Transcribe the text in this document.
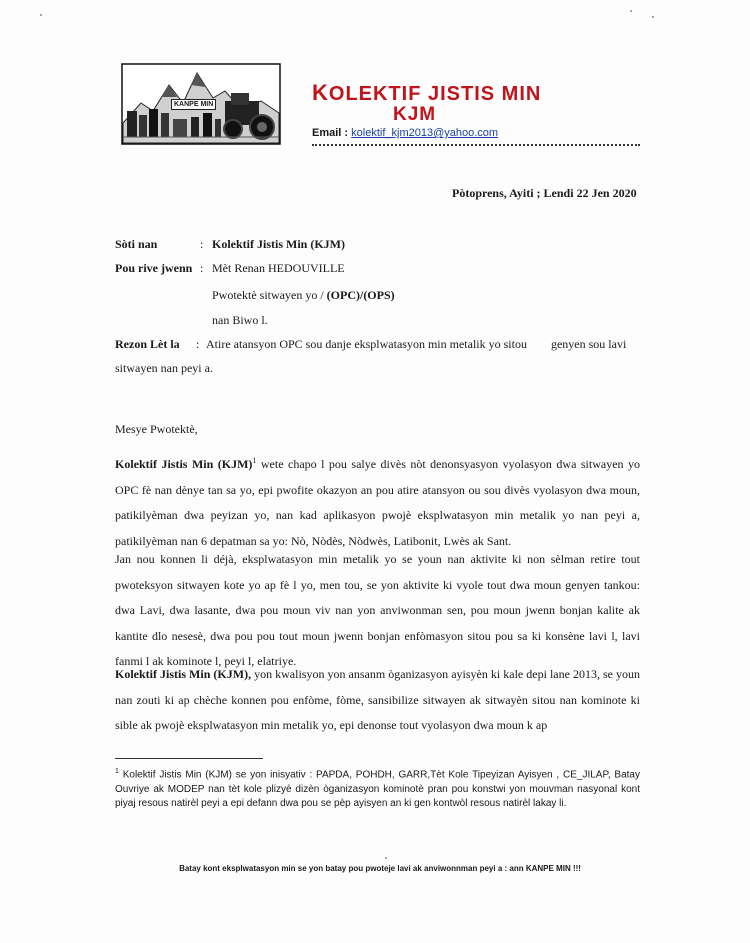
KANPE MIN	KOLEKTIF JISTIS MIN
KJM
Email : kolektif_kjm2013@yahoo.com
Pòtoprens, Ayiti ; Lendi 22 Jen 2020
Sòti nan	: Kolektif Jistis Min (KJM)
Pou rive jwenn : Mèt Renan HEDOUVILLE
Pwotektè sitwayen yo / (OPC)/(OPS)
nan Biwo l.
Rezon Lèt la : Atire atansyon OPC sou danje eksplwatasyon min metalik yo sitou        genyen sou lavi
sitwayen nan peyi a.
Mesye Pwotektè,
Kolektif Jistis Min (KJM)$^1$ wete chapo l pou salye divès nòt denonsyasyon vyolasyon dwa sitwayen yo OPC fè nan dènye tan sa yo, epi pwofite okazyon an pou atire atansyon ou sou divès vyolasyon dwa moun, patikilyèman dwa peyizan yo, nan kad aplikasyon pwojè eksplwatasyon min metalik yo nan peyi a, patikilyèman nan 6 depatman sa yo: Nò, Nòdès, Nòdwès, Latibonit, Lwès ak Sant.
Jan nou konnen li déjà, eksplwatasyon min metalik yo se youn nan aktivite ki non sèlman retire tout pwoteksyon sitwayen kote yo ap fè l yo, men tou, se yon aktivite ki vyole tout dwa moun genyen tankou: dwa Lavi, dwa lasante, dwa pou moun viv nan yon anviwonman sen, pou moun jwenn bonjan kalite ak kantite dlo nesesè, dwa pou pou tout moun jwenn bonjan enfòmasyon sitou pou sa ki konsène lavi l, lavi fanmi l ak kominote l, peyi l, elatriye.
Kolektif Jistis Min (KJM), yon kwalisyon yon ansanm òganizasyon ayisyèn ki kale depi lane 2013, se youn nan zouti ki ap chèche konnen pou enfòme, fòme, sansibilize sitwayen ak sitwayèn sitou nan kominote ki sible ak pwojè eksplwatasyon min metalik yo, epi denonse tout vyolasyon dwa moun k ap
$^1$ Kolektif Jistis Min (KJM) se yon inisyativ : PAPDA, POHDH, GARR,Tèt Kole Tipeyizan Ayisyen , CE_JILAP, Batay Ouvriye ak MODEP nan tèt kole plizyè dizèn òganizasyon kominotè pran pou konstwi yon mouvman nasyonal kont piyaj resous natirèl peyi a epi defann dwa pou se pèp ayisyen an ki gen kontwòl resous natirèl lakay li.
Batay kont eksplwatasyon min se yon batay pou pwoteje lavi ak anviwonnman peyi a : ann KANPE MIN !!!
